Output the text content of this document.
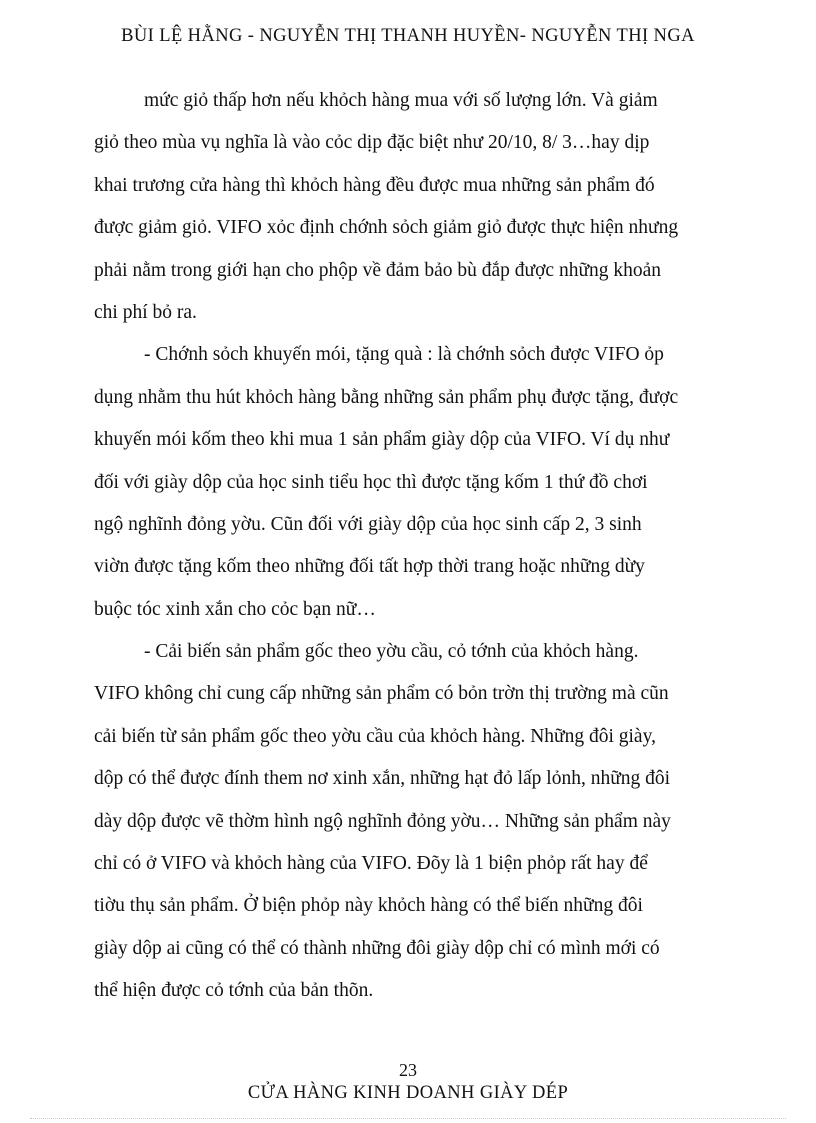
BÙI LỆ HẰNG - NGUYỄN THỊ THANH HUYỀN- NGUYỄN THỊ NGA
mức giỏ thấp hơn nếu khỏch hàng mua với số lượng lớn. Và giảm
giỏ theo mùa vụ nghĩa là vào cỏc dịp đặc biệt như 20/10, 8/ 3…hay dịp
khai trương cửa hàng thì khỏch hàng đều được mua những sản phẩm đó
được giảm giỏ. VIFO xỏc định chớnh sỏch giảm giỏ được thực hiện nhưng
phải nằm trong giới hạn cho phộp về đảm bảo bù đắp được những khoản
chi phí bỏ ra.
- Chớnh sỏch khuyến mói, tặng quà : là chớnh sỏch được VIFO ỏp
dụng nhằm thu hút khỏch hàng bằng những sản phẩm phụ được tặng, được
khuyến mói kốm theo khi mua 1 sản phẩm giày dộp của VIFO. Ví dụ như
đối với giày dộp của học sinh tiểu học thì được tặng kốm 1 thứ đồ chơi
ngộ nghĩnh đỏng yờu. Cũn đối với giày dộp của học sinh cấp 2, 3 sinh
viờn được tặng kốm theo những đối tất hợp thời trang hoặc những dừy
buộc tóc xinh xắn cho cỏc bạn nữ…
- Cải biến sản phẩm gốc theo yờu cầu, cỏ tớnh của khỏch hàng.
VIFO không chỉ cung cấp những sản phẩm có bỏn trờn thị trường mà cũn
cải biến từ sản phẩm gốc theo yờu cầu của khỏch hàng. Những đôi giày,
dộp có thể được đính them nơ xinh xắn, những hạt đỏ lấp lỏnh, những đôi
dày dộp được vẽ thờm hình ngộ nghĩnh đỏng yờu… Những sản phẩm này
chỉ có ở VIFO và khỏch hàng của VIFO. Đõy là 1 biện phỏp rất hay để
tiờu thụ sản phẩm. Ở biện phỏp này khỏch hàng có thể biến những đôi
giày dộp ai cũng có thể có thành những đôi giày dộp chỉ có mình mới có
thể hiện được cỏ tớnh của bản thõn.
23
CỬA HÀNG KINH DOANH GIÀY DÉP
